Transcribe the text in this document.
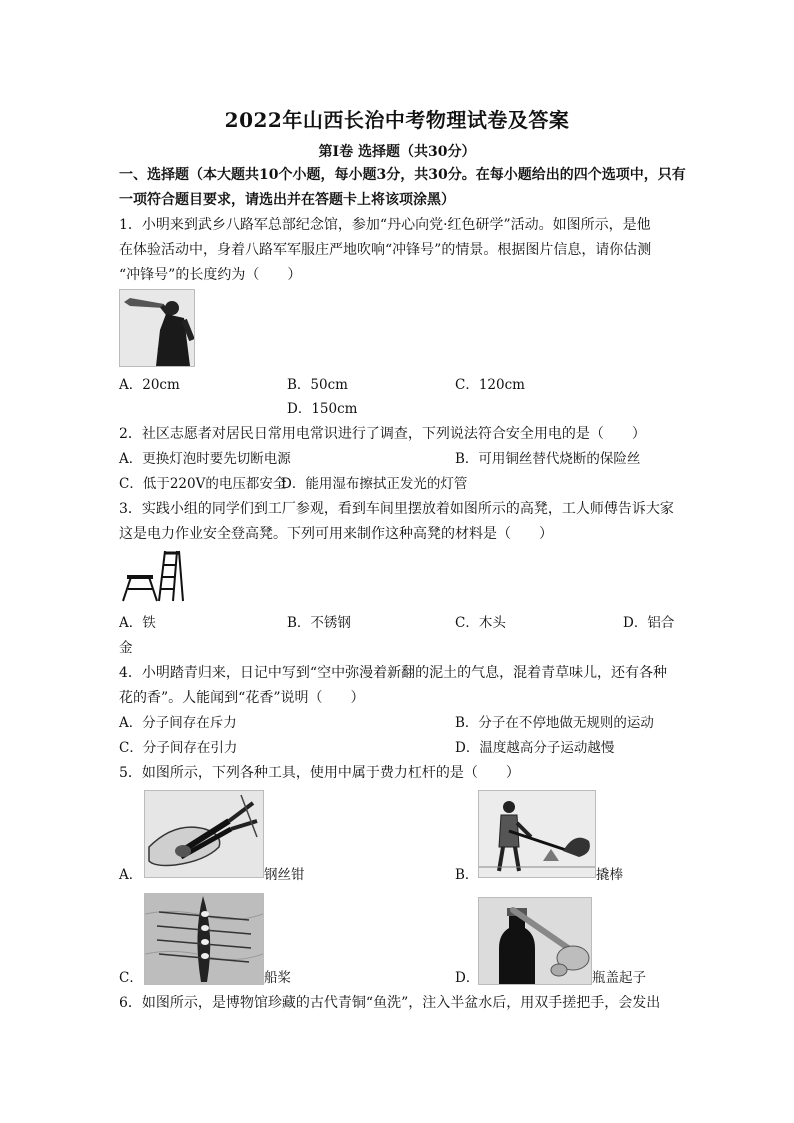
2022年山西长治中考物理试卷及答案
第Ⅰ卷 选择题（共30分）
一、选择题（本大题共10个小题，每小题3分，共30分。在每小题给出的四个选项中，只有
一项符合题目要求，请选出并在答题卡上将该项涂黑）
1．小明来到武乡八路军总部纪念馆，参加“丹心向党·红色研学”活动。如图所示，是他
在体验活动中，身着八路军军服庄严地吹响“冲锋号”的情景。根据图片信息，请你估测
“冲锋号”的长度约为（　　）
A．20cm	B．50cm	C．120cm
D．150cm
2．社区志愿者对居民日常用电常识进行了调查，下列说法符合安全用电的是（　　）
A．更换灯泡时要先切断电源	B．可用铜丝替代烧断的保险丝
C．低于220V的电压都安全
D．能用湿布擦拭正发光的灯管
3．实践小组的同学们到工厂参观，看到车间里摆放着如图所示的高凳，工人师傅告诉大家
这是电力作业安全登高凳。下列可用来制作这种高凳的材料是（　　）
A．铁	B．不锈钢	C．木头	D．铝合
金
4．小明踏青归来，日记中写到“空中弥漫着新翻的泥土的气息，混着青草味儿，还有各种
花的香”。人能闻到“花香”说明（　　）
A．分子间存在斥力	B．分子在不停地做无规则的运动
C．分子间存在引力	D．温度越高分子运动越慢
5．如图所示，下列各种工具，使用中属于费力杠杆的是（　　）
A．	钢丝钳	B．	撬棒
C．	船桨	D．	瓶盖起子
6．如图所示，是博物馆珍藏的古代青铜“鱼洗”，注入半盆水后，用双手搓把手，会发出
